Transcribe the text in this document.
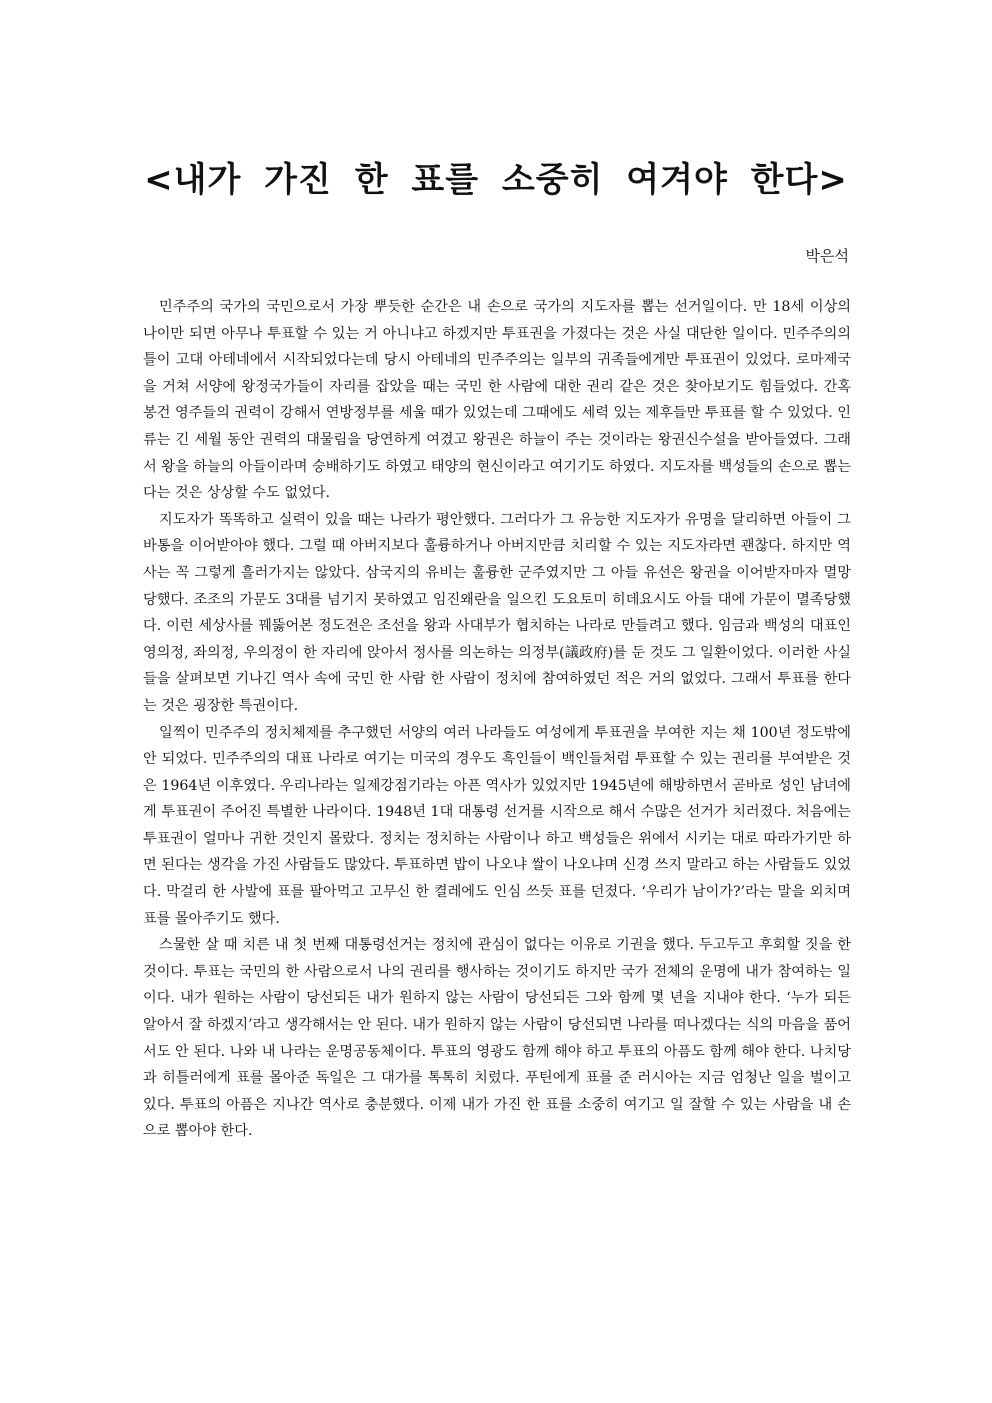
<내가 가진 한 표를 소중히 여겨야 한다>
박은석

민주주의 국가의 국민으로서 가장 뿌듯한 순간은 내 손으로 국가의 지도자를 뽑는 선거일이다. 만 18세 이상의 나이만 되면 아무나 투표할 수 있는 거 아니냐고 하겠지만 투표권을 가졌다는 것은 사실 대단한 일이다. 민주주의의 틀이 고대 아테네에서 시작되었다는데 당시 아테네의 민주주의는 일부의 귀족들에게만 투표권이 있었다. 로마제국을 거쳐 서양에 왕정국가들이 자리를 잡았을 때는 국민 한 사람에 대한 권리 같은 것은 찾아보기도 힘들었다. 간혹 봉건 영주들의 권력이 강해서 연방정부를 세울 때가 있었는데 그때에도 세력 있는 제후들만 투표를 할 수 있었다. 인류는 긴 세월 동안 권력의 대물림을 당연하게 여겼고 왕권은 하늘이 주는 것이라는 왕권신수설을 받아들였다. 그래서 왕을 하늘의 아들이라며 숭배하기도 하였고 태양의 현신이라고 여기기도 하였다. 지도자를 백성들의 손으로 뽑는다는 것은 상상할 수도 없었다.

지도자가 똑똑하고 실력이 있을 때는 나라가 평안했다. 그러다가 그 유능한 지도자가 유명을 달리하면 아들이 그 바통을 이어받아야 했다. 그럴 때 아버지보다 훌륭하거나 아버지만큼 치리할 수 있는 지도자라면 괜찮다. 하지만 역사는 꼭 그렇게 흘러가지는 않았다. 삼국지의 유비는 훌륭한 군주였지만 그 아들 유선은 왕권을 이어받자마자 멸망당했다. 조조의 가문도 3대를 넘기지 못하였고 임진왜란을 일으킨 도요토미 히데요시도 아들 대에 가문이 멸족당했다. 이런 세상사를 꿰뚫어본 정도전은 조선을 왕과 사대부가 협치하는 나라로 만들려고 했다. 임금과 백성의 대표인 영의정, 좌의정, 우의정이 한 자리에 앉아서 정사를 의논하는 의정부(議政府)를 둔 것도 그 일환이었다. 이러한 사실들을 살펴보면 기나긴 역사 속에 국민 한 사람 한 사람이 정치에 참여하였던 적은 거의 없었다. 그래서 투표를 한다는 것은 굉장한 특권이다.

일찍이 민주주의 정치체제를 추구했던 서양의 여러 나라들도 여성에게 투표권을 부여한 지는 채 100년 정도밖에 안 되었다. 민주주의의 대표 나라로 여기는 미국의 경우도 흑인들이 백인들처럼 투표할 수 있는 권리를 부여받은 것은 1964년 이후였다. 우리나라는 일제강점기라는 아픈 역사가 있었지만 1945년에 해방하면서 곧바로 성인 남녀에게 투표권이 주어진 특별한 나라이다. 1948년 1대 대통령 선거를 시작으로 해서 수많은 선거가 치러졌다. 처음에는 투표권이 얼마나 귀한 것인지 몰랐다. 정치는 정치하는 사람이나 하고 백성들은 위에서 시키는 대로 따라가기만 하면 된다는 생각을 가진 사람들도 많았다. 투표하면 밥이 나오냐 쌀이 나오냐며 신경 쓰지 말라고 하는 사람들도 있었다. 막걸리 한 사발에 표를 팔아먹고 고무신 한 켤레에도 인심 쓰듯 표를 던졌다. ‘우리가 남이가?’라는 말을 외치며 표를 몰아주기도 했다.

스물한 살 때 치른 내 첫 번째 대통령선거는 정치에 관심이 없다는 이유로 기권을 했다. 두고두고 후회할 짓을 한 것이다. 투표는 국민의 한 사람으로서 나의 권리를 행사하는 것이기도 하지만 국가 전체의 운명에 내가 참여하는 일이다. 내가 원하는 사람이 당선되든 내가 원하지 않는 사람이 당선되든 그와 함께 몇 년을 지내야 한다. ‘누가 되든 알아서 잘 하겠지’라고 생각해서는 안 된다. 내가 원하지 않는 사람이 당선되면 나라를 떠나겠다는 식의 마음을 품어서도 안 된다. 나와 내 나라는 운명공동체이다. 투표의 영광도 함께 해야 하고 투표의 아픔도 함께 해야 한다. 나치당과 히틀러에게 표를 몰아준 독일은 그 대가를 톡톡히 치렀다. 푸틴에게 표를 준 러시아는 지금 엄청난 일을 벌이고 있다. 투표의 아픔은 지나간 역사로 충분했다. 이제 내가 가진 한 표를 소중히 여기고 일 잘할 수 있는 사람을 내 손으로 뽑아야 한다.
